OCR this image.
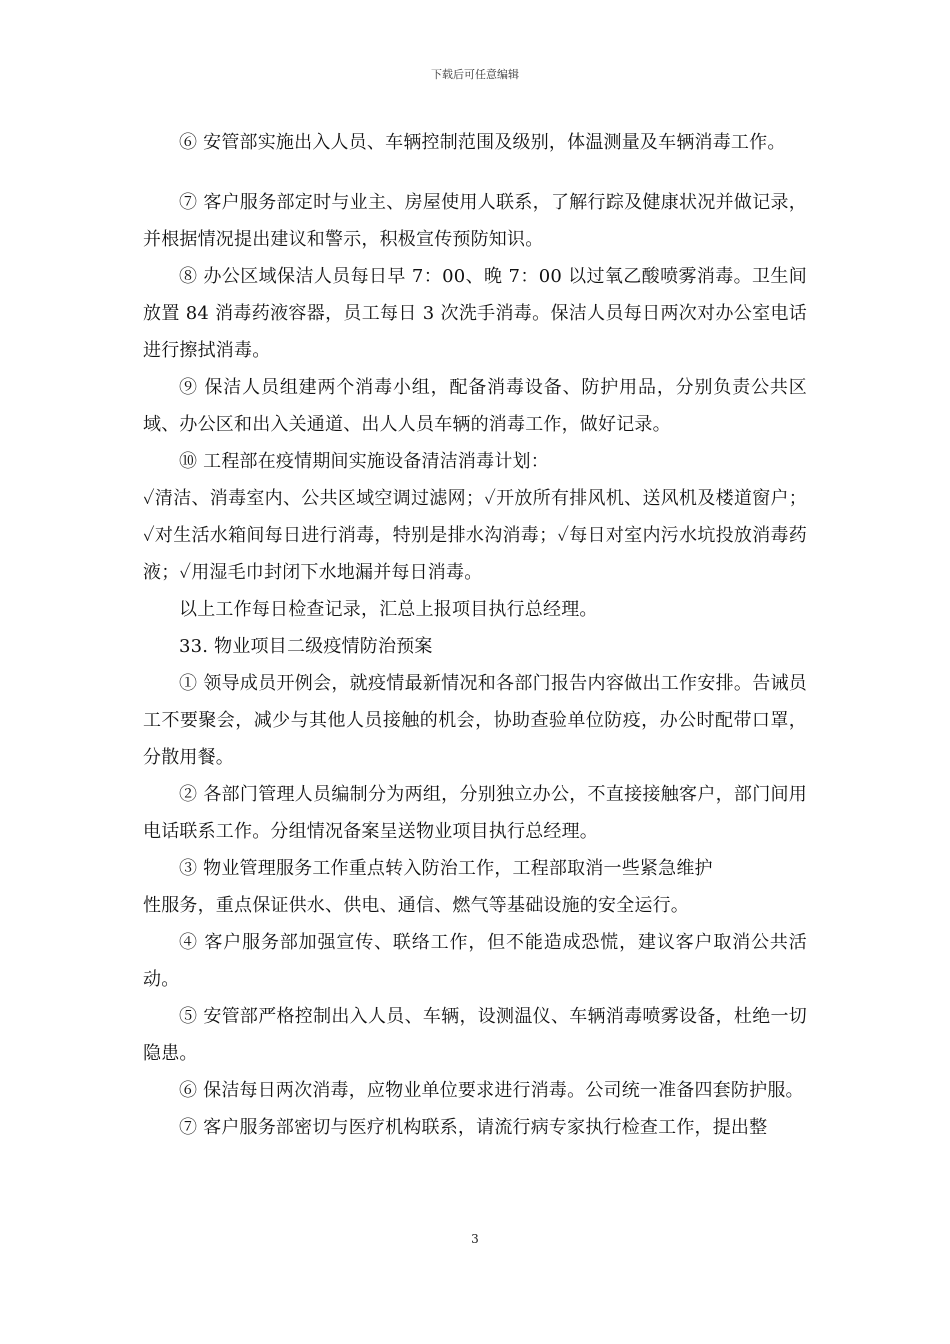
下载后可任意编辑

⑥ 安管部实施出入人员、车辆控制范围及级别，体温测量及车辆消毒工作。

⑦ 客户服务部定时与业主、房屋使用人联系，了解行踪及健康状况并做记录，并根据情况提出建议和警示，积极宣传预防知识。

⑧ 办公区域保洁人员每日早 7：00、晚 7：00 以过氧乙酸喷雾消毒。卫生间放置 84 消毒药液容器，员工每日 3 次洗手消毒。保洁人员每日两次对办公室电话进行擦拭消毒。

⑨ 保洁人员组建两个消毒小组，配备消毒设备、防护用品，分别负责公共区域、办公区和出入关通道、出人人员车辆的消毒工作，做好记录。

⑩ 工程部在疫情期间实施设备清洁消毒计划：

✓清洁、消毒室内、公共区域空调过滤网；✓开放所有排风机、送风机及楼道窗户；✓对生活水箱间每日进行消毒，特别是排水沟消毒；✓每日对室内污水坑投放消毒药液；✓用湿毛巾封闭下水地漏并每日消毒。

以上工作每日检查记录，汇总上报项目执行总经理。

33. 物业项目二级疫情防治预案

① 领导成员开例会，就疫情最新情况和各部门报告内容做出工作安排。告诫员工不要聚会，减少与其他人员接触的机会，协助查验单位防疫，办公时配带口罩，分散用餐。

② 各部门管理人员编制分为两组，分别独立办公，不直接接触客户，部门间用电话联系工作。分组情况备案呈送物业项目执行总经理。

③ 物业管理服务工作重点转入防治工作，工程部取消一些紧急维护

性服务，重点保证供水、供电、通信、燃气等基础设施的安全运行。

④ 客户服务部加强宣传、联络工作，但不能造成恐慌，建议客户取消公共活动。

⑤ 安管部严格控制出入人员、车辆，设测温仪、车辆消毒喷雾设备，杜绝一切隐患。

⑥ 保洁每日两次消毒，应物业单位要求进行消毒。公司统一准备四套防护服。

⑦ 客户服务部密切与医疗机构联系，请流行病专家执行检查工作，提出整

3
